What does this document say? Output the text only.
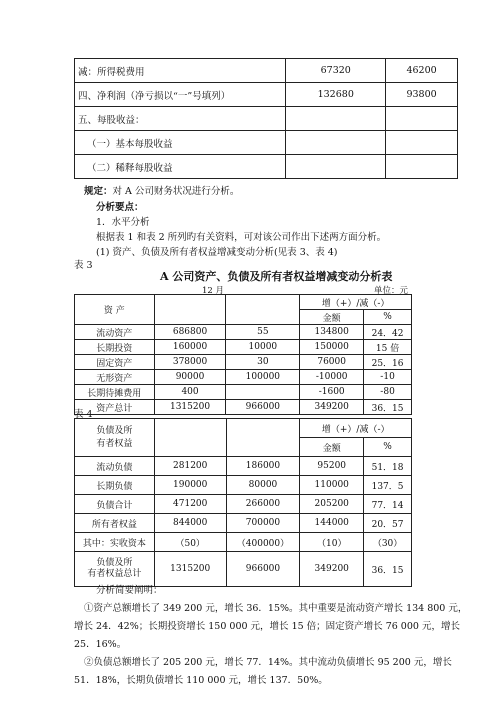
减：所得税费用	67320	46200
四、净利润（净亏损以“一”号填列）	132680	93800
五、每股收益：		
（一）基本每股收益		
（二）稀释每股收益		
规定：对 A 公司财务状况进行分析。
分析要点：
1．水平分析
根据表 1 和表 2 所列旳有关资料，可对该公司作出下述两方面分析。
(1) 资产、负债及所有者权益增减变动分析(见表 3、表 4)
表 3
A 公司资产、负债及所有者权益增减变动分析表
12 月	单位：元
资 产			增（+）/减（-）	
			金额	%
流动资产	686800	55	134800	24．42
长期投资	160000	10000	150000	15 倍
固定资产	378000	30	76000	25．16
无形资产	90000	100000	-10000	-10
长期待摊费用	400		-1600	-80
资产总计	1315200	966000	349200	36．15
表 4
负债及所
有者权益			增（+）/减（-）	
			金额	%
流动负债	281200	186000	95200	51．18
长期负债	190000	80000	110000	137．5
负债合计	471200	266000	205200	77．14
所有者权益	844000	700000	144000	20．57
其中：实收资本	（50）	（400000）	（10）	（30）

负债及所
有者权益总计	1315200	966000	349200	36．15
分析简要阐明：
①资产总额增长了 349 200 元，增长 36．15%。其中重要是流动资产增长 134 800 元，
增长 24．42%；长期投资增长 150 000 元，增长 15 倍；固定资产增长 76 000 元，增长
25．16%。
②负债总额增长了 205 200 元，增长 77．14%。其中流动负债增长 95 200 元，增长
51．18%，长期负债增长 110 000 元，增长 137．50%。
